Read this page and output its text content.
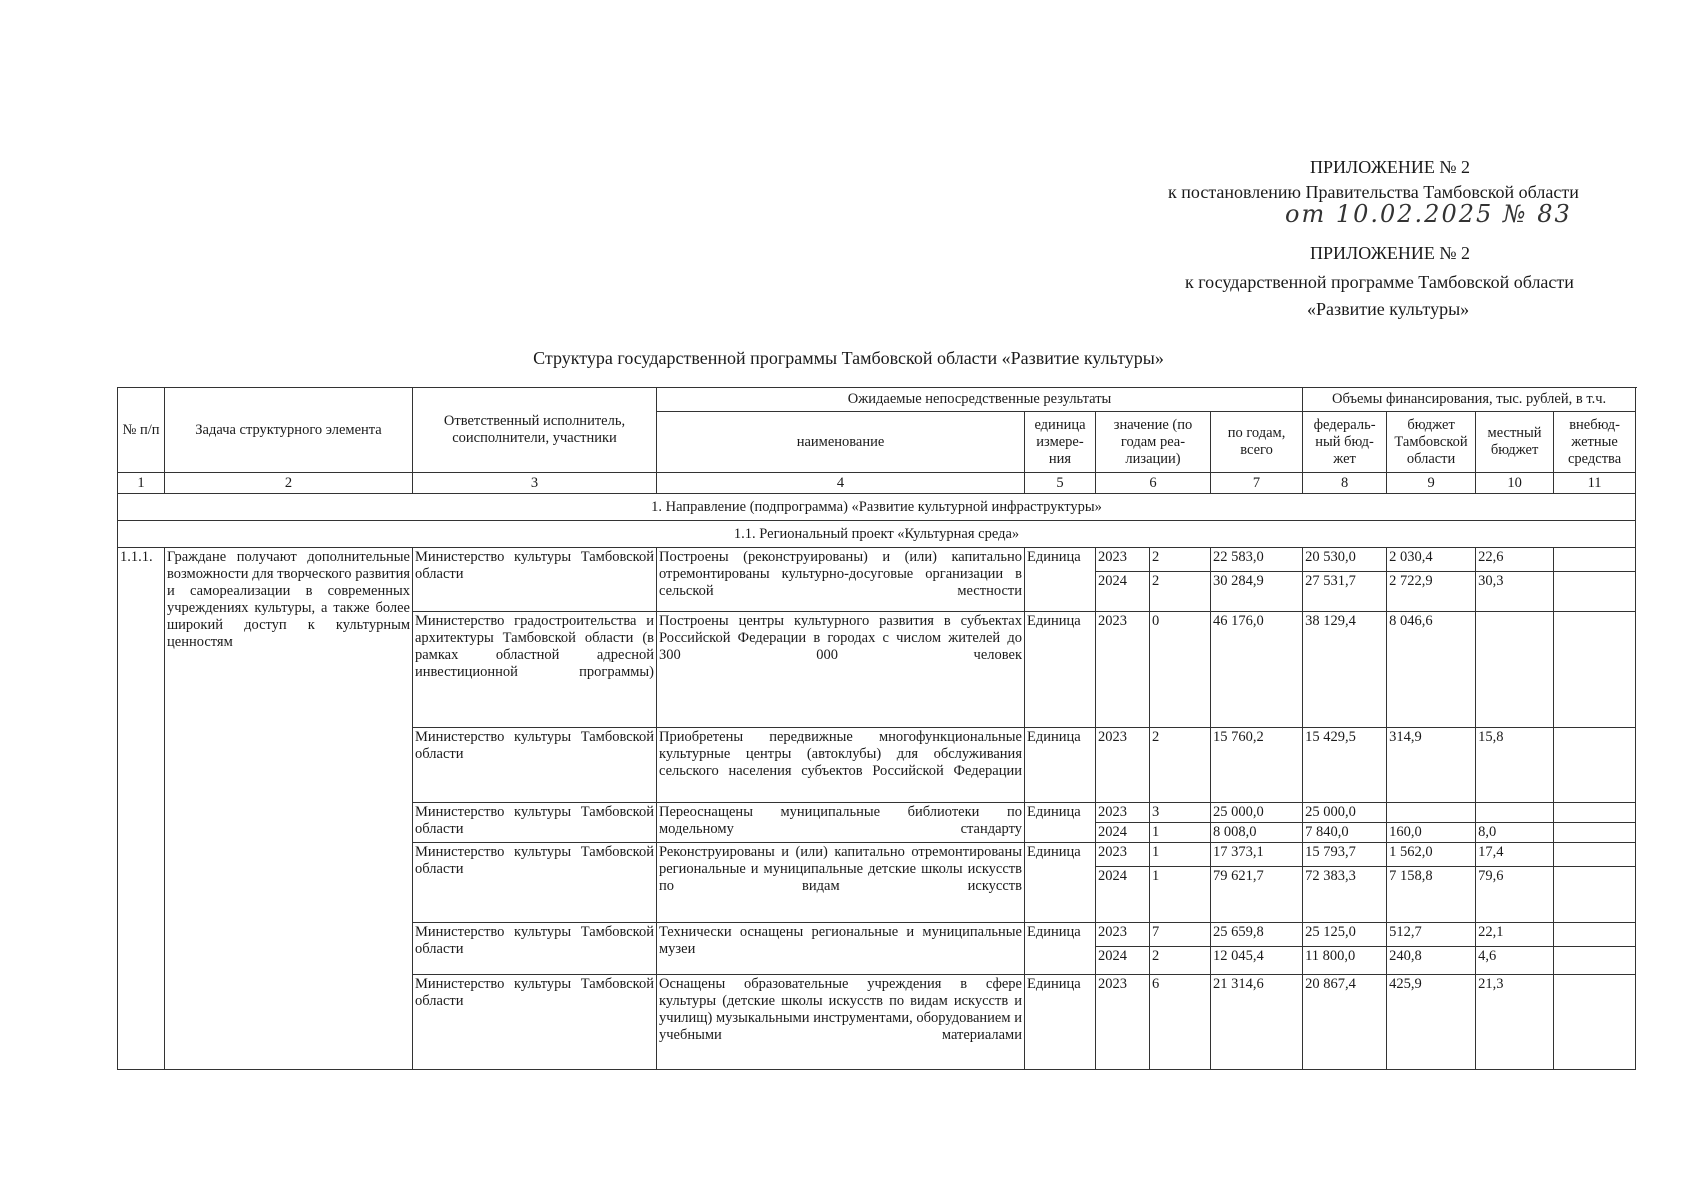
ПРИЛОЖЕНИЕ № 2
к постановлению Правительства Тамбовской области
от 10.02.2025 № 83
ПРИЛОЖЕНИЕ № 2
к государственной программе Тамбовской области
«Развитие культуры»
Структура государственной программы Тамбовской области «Развитие культуры»
№ п/п	Задача структурного элемента	Ответственный исполнитель, соисполнители, участники	Ожидаемые непосредственные результаты					Объемы финансирования, тыс. рублей, в т.ч.			
			наименование	единица измере-ния	значение (по годам реа-лизации)		по годам, всего	федераль-ный бюд-жет	бюджет Тамбовской области	местный бюджет	внебюд-жетные средства
1	2	3	4	5	6		7	8	9	10	11
1. Направление (подпрограмма) «Развитие культурной инфраструктуры»											
1.1. Региональный проект «Культурная среда»											
1.1.1.	Граждане получают дополнительные возможности для творческого развития и самореализации в современных учреждениях культуры, а также более широкий доступ к культурным ценностям	Министерство культуры Тамбовской области	Построены (реконструированы) и (или) капитально отремонтированы культурно-досуговые организации в сельской местности	Единица	2023	2	22 583,0	20 530,0	2 030,4	22,6	
					2024	2	30 284,9	27 531,7	2 722,9	30,3	
		Министерство градостроительства и архитектуры Тамбовской области (в рамках областной адресной инвестиционной программы)	Построены центры культурного развития в субъектах Российской Федерации в городах с числом жителей до 300 000 человек	Единица	2023	0	46 176,0	38 129,4	8 046,6		
		Министерство культуры Тамбовской области	Приобретены передвижные многофункциональные культурные центры (автоклубы) для обслуживания сельского населения субъектов Российской Федерации	Единица	2023	2	15 760,2	15 429,5	314,9	15,8	
		Министерство культуры Тамбовской области	Переоснащены муниципальные библиотеки по модельному стандарту	Единица	2023	3	25 000,0	25 000,0			
					2024	1	8 008,0	7 840,0	160,0	8,0	
		Министерство культуры Тамбовской области	Реконструированы и (или) капитально отремонтированы региональные и муниципальные детские школы искусств по видам искусств	Единица	2023	1	17 373,1	15 793,7	1 562,0	17,4	
					2024	1	79 621,7	72 383,3	7 158,8	79,6	
		Министерство культуры Тамбовской области	Технически оснащены региональные и муниципальные музеи	Единица	2023	7	25 659,8	25 125,0	512,7	22,1	
					2024	2	12 045,4	11 800,0	240,8	4,6	
		Министерство культуры Тамбовской области	Оснащены образовательные учреждения в сфере культуры (детские школы искусств по видам искусств и училищ) музыкальными инструментами, оборудованием и учебными материалами	Единица	2023	6	21 314,6	20 867,4	425,9	21,3	
